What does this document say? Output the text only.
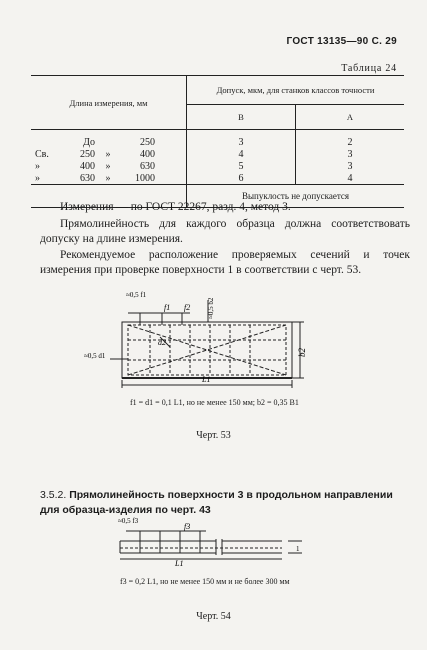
ГОСТ 13135—90 С. 29
Таблица 24
Длина измерения, мм	Допуск, мкм, для станков классов точности	
	В	А

До 250	3	2
Св. 250 » 400	4	3
» 400 » 630	5	3
» 630 » 1000	6	4
	Выпуклость не допускается	
Измерения — по ГОСТ 22267, разд. 4, метод 3.
Прямолинейность для каждого образца должна соответствовать допуску на длине измерения.
Рекомендуемое расположение проверяемых сечений и точек измерения при проверке поверхности 1 в соответствии с черт. 53.
≈0,5 f1
f1 f2 ≈0,5 b2
b2
d2
≈0,5 d1
L1
f1 = d1 = 0,1 L1, но не менее 150 мм; b2 = 0,35 B1
Черт. 53
3.5.2. Прямолинейность поверхности 3 в продольном направлении для образца-изделия по черт. 43
≈0,5 f3
f3
L1
1
f3 = 0,2 L1, но не менее 150 мм и не более 300 мм
Черт. 54
